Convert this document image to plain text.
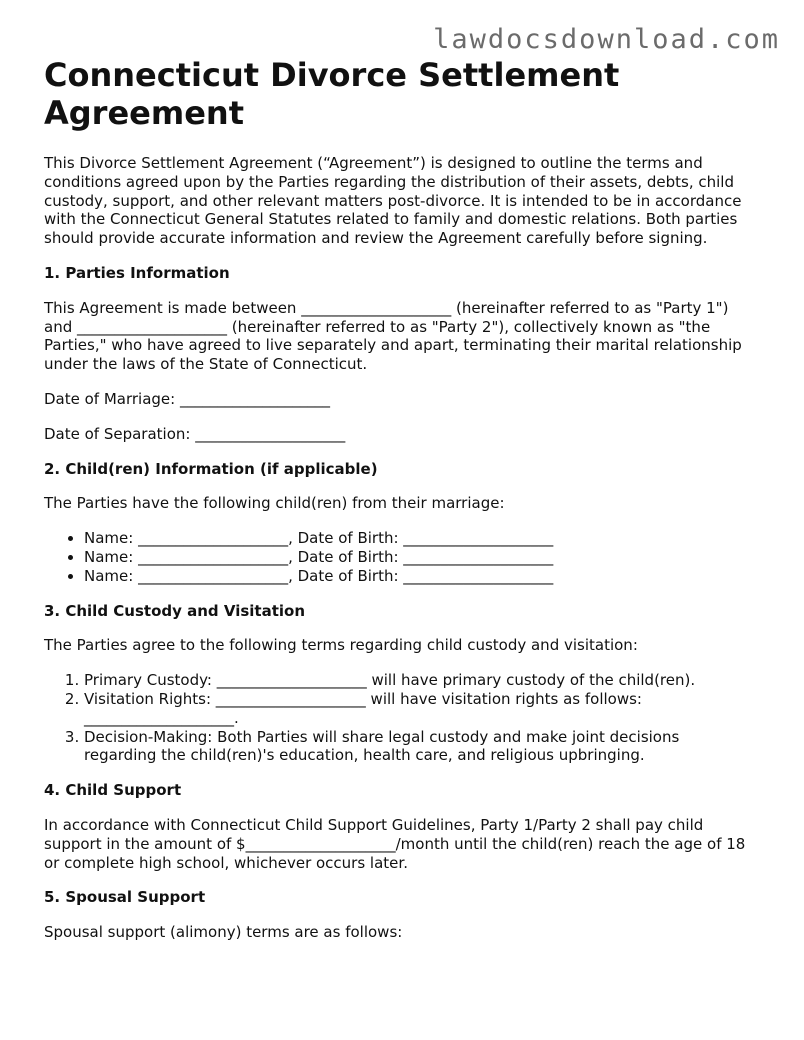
lawdocsdownload.com
Connecticut Divorce Settlement Agreement

This Divorce Settlement Agreement (“Agreement”) is designed to outline the terms and conditions agreed upon by the Parties regarding the distribution of their assets, debts, child custody, support, and other relevant matters post-divorce. It is intended to be in accordance with the Connecticut General Statutes related to family and domestic relations. Both parties should provide accurate information and review the Agreement carefully before signing.

1. Parties Information

This Agreement is made between ____________________ (hereinafter referred to as "Party 1") and ____________________ (hereinafter referred to as "Party 2"), collectively known as "the Parties," who have agreed to live separately and apart, terminating their marital relationship under the laws of the State of Connecticut.

Date of Marriage: ____________________

Date of Separation: ____________________

2. Child(ren) Information (if applicable)

The Parties have the following child(ren) from their marriage:

• Name: ____________________, Date of Birth: ____________________
• Name: ____________________, Date of Birth: ____________________
• Name: ____________________, Date of Birth: ____________________
3. Child Custody and Visitation

The Parties agree to the following terms regarding child custody and visitation:

1. Primary Custody: ____________________ will have primary custody of the child(ren).
2. Visitation Rights: ____________________ will have visitation rights as follows: ____________________.
3. Decision-Making: Both Parties will share legal custody and make joint decisions regarding the child(ren)'s education, health care, and religious upbringing.
4. Child Support

In accordance with Connecticut Child Support Guidelines, Party 1/Party 2 shall pay child support in the amount of $____________________/month until the child(ren) reach the age of 18 or complete high school, whichever occurs later.

5. Spousal Support

Spousal support (alimony) terms are as follows:
